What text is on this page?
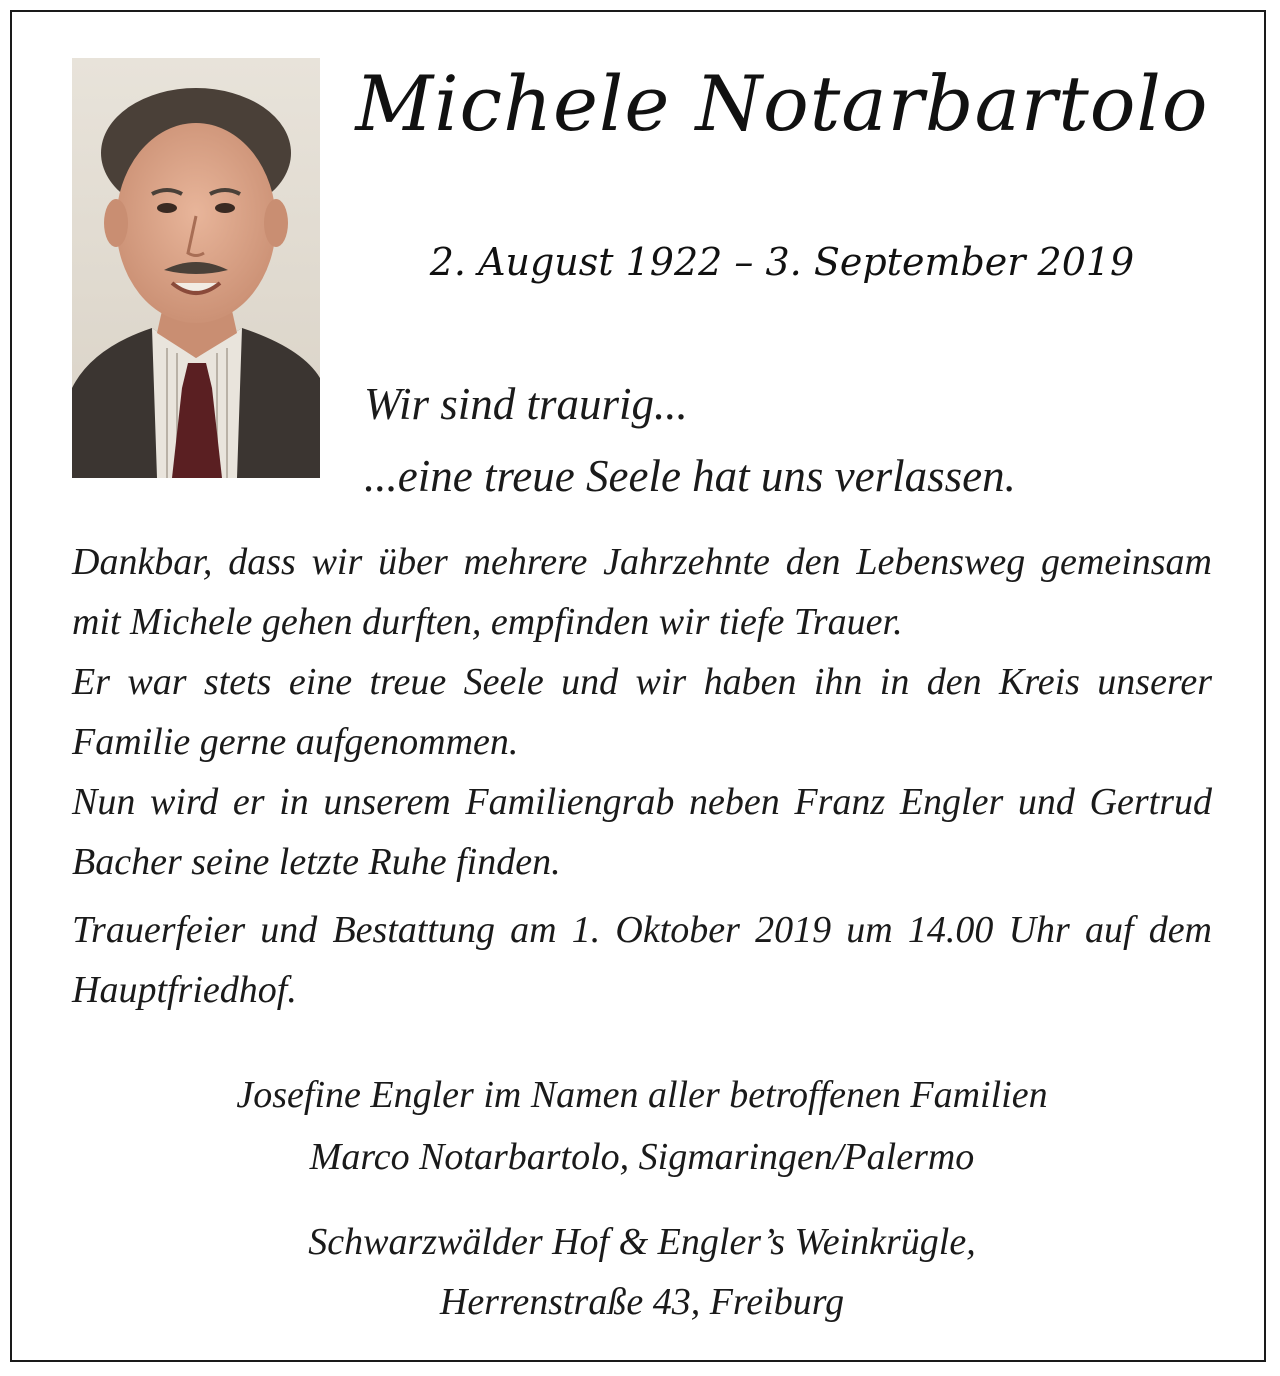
Michele Notarbartolo
2. August 1922 – 3. September 2019
Wir sind traurig...
...eine treue Seele hat uns verlassen.

Dankbar, dass wir über mehrere Jahrzehnte den Lebensweg gemeinsam mit Michele gehen durften, empfinden wir tiefe Trauer.

Er war stets eine treue Seele und wir haben ihn in den Kreis unserer Familie gerne aufgenommen.

Nun wird er in unserem Familiengrab neben Franz Engler und Gertrud Bacher seine letzte Ruhe finden.

Trauerfeier und Bestattung am 1. Oktober 2019 um 14.00 Uhr auf dem Hauptfriedhof.

Josefine Engler im Namen aller betroffenen Familien
Marco Notarbartolo, Sigmaringen/Palermo
Schwarzwälder Hof & Engler’s Weinkrügle,
Herrenstraße 43, Freiburg
